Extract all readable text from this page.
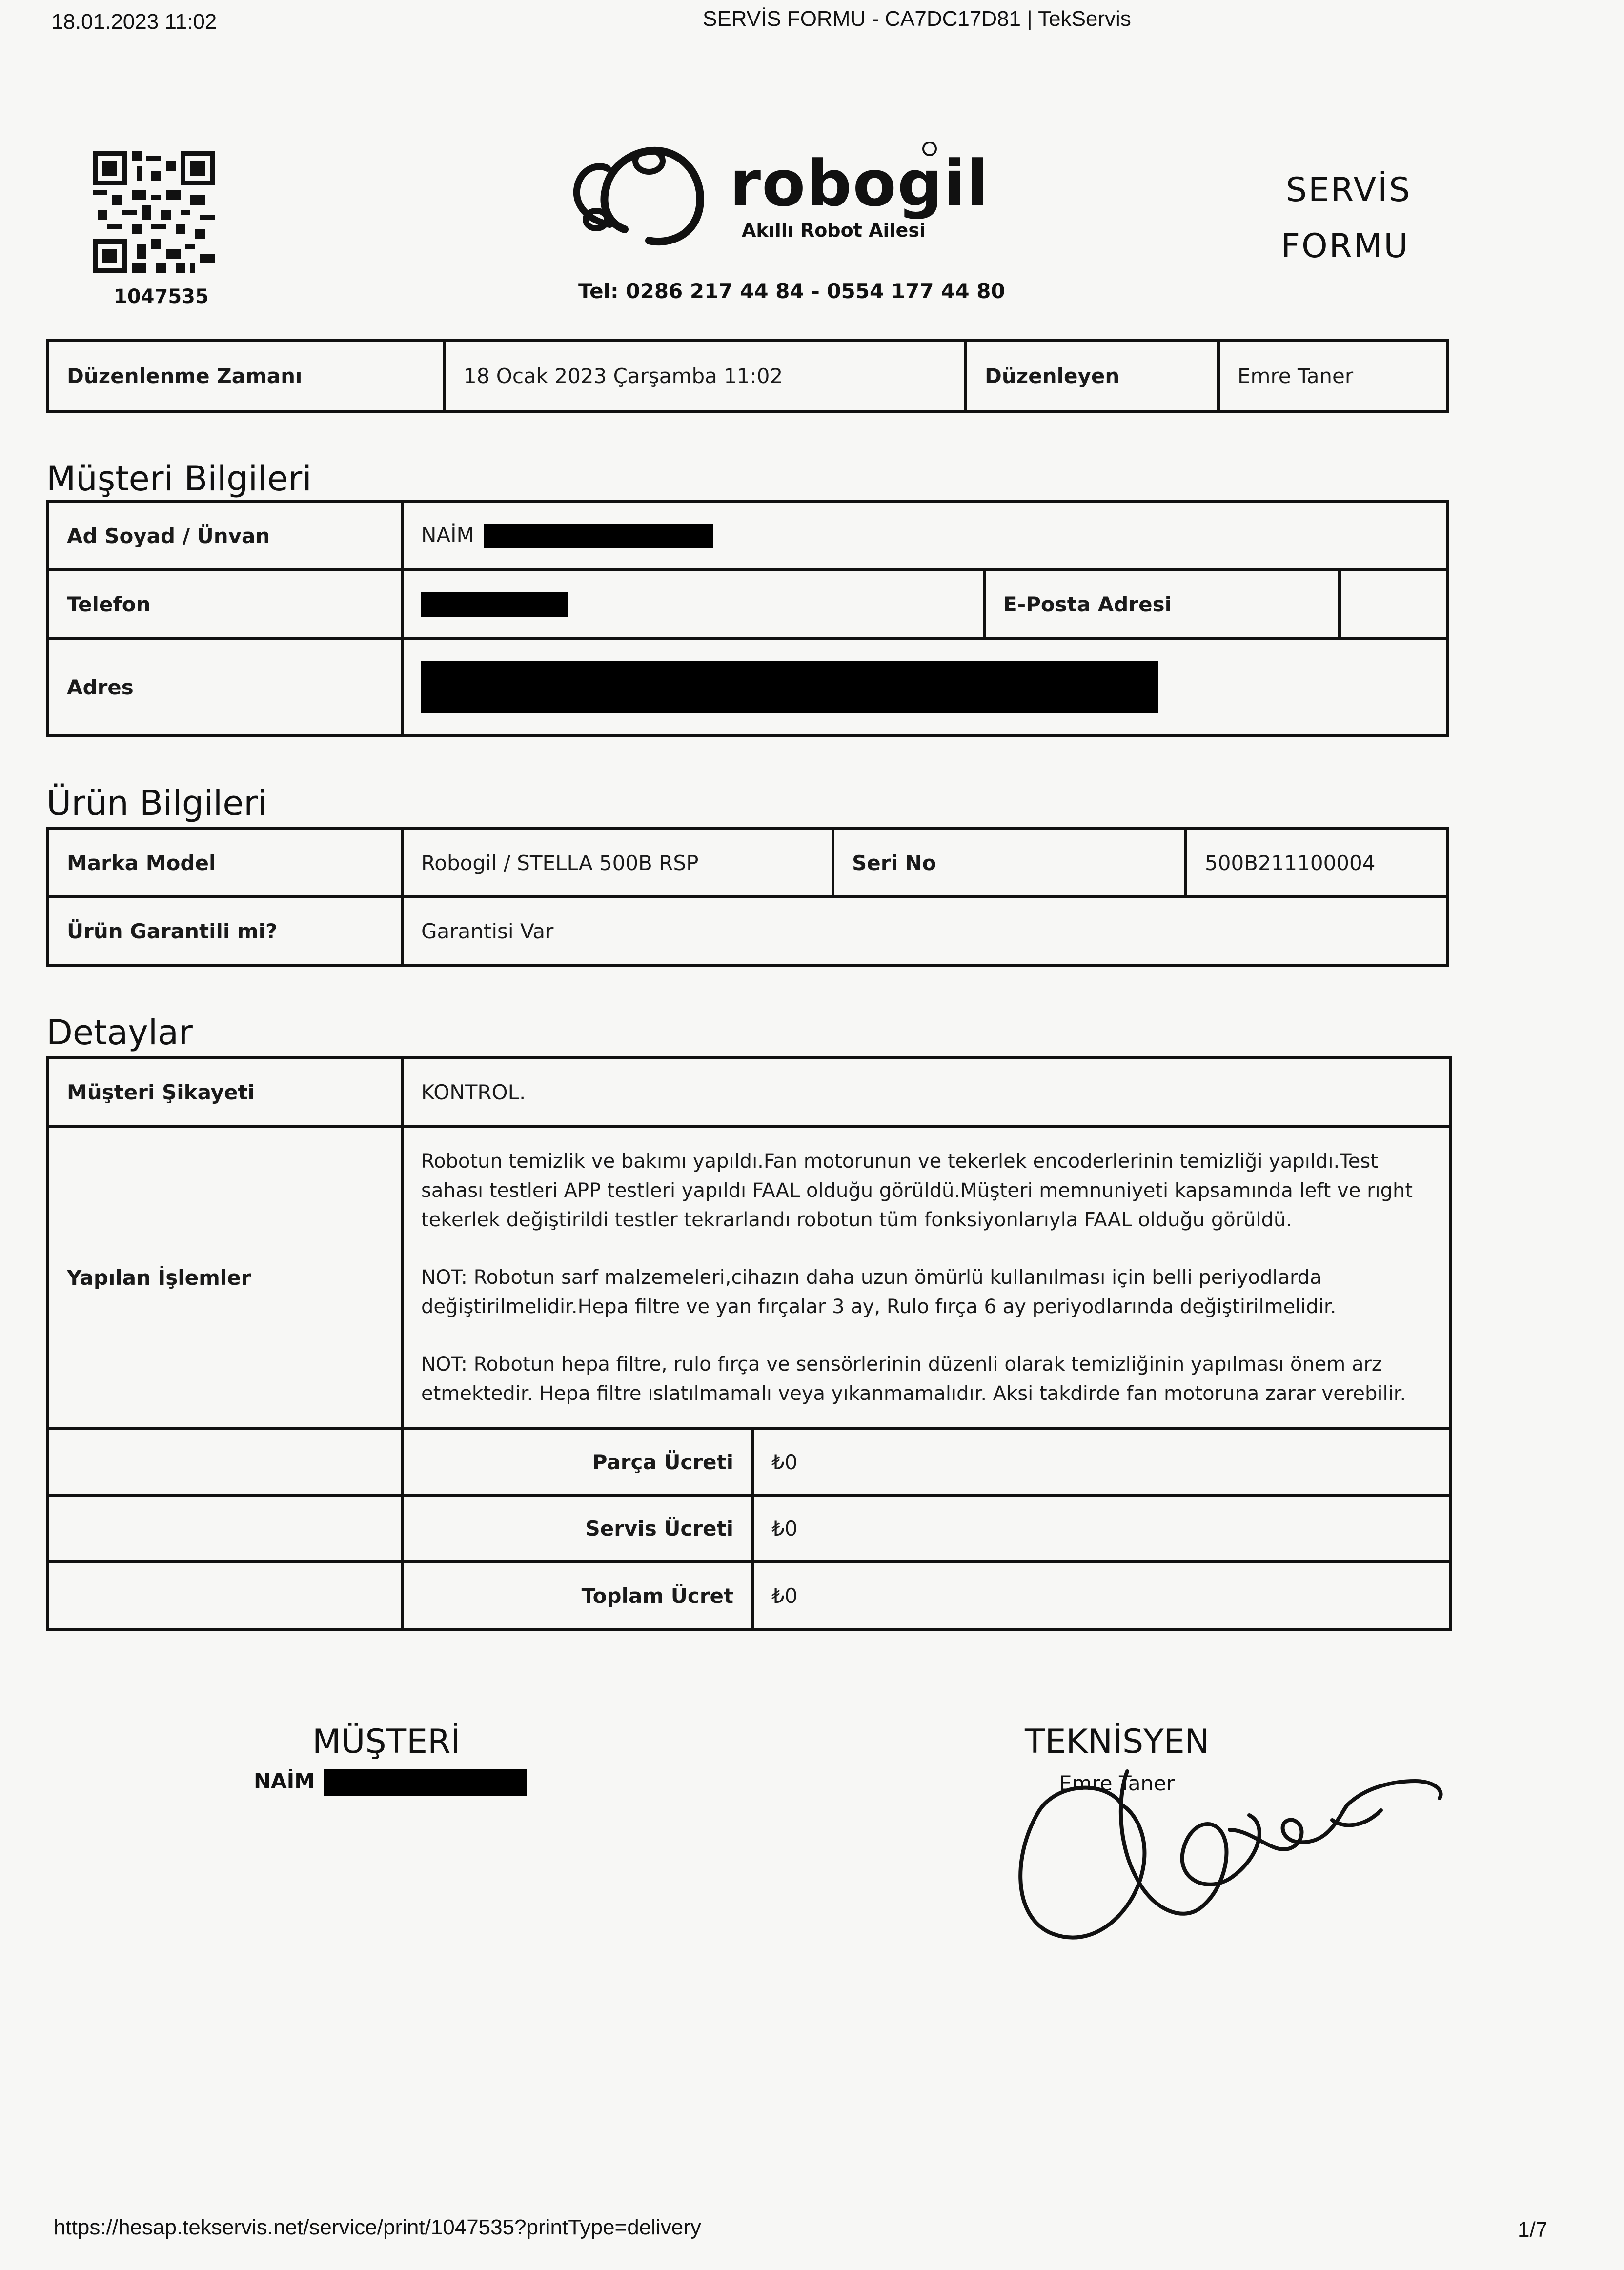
18.01.2023 11:02	SERVİS FORMU - CA7DC17D81 | TekServis
1047535
robogil
Akıllı Robot Ailesi
Tel: 0286 217 44 84 - 0554 177 44 80
SERVİS
FORMU
Düzenlenme Zamanı	18 Ocak 2023 Çarşamba 11:02	Düzenleyen	Emre Taner
Müşteri Bilgileri
Ad Soyad / Ünvan	NAİM		
Telefon		E-Posta Adresi	
Adres			
Ürün Bilgileri
Marka Model	Robogil / STELLA 500B RSP	Seri No	500B211100004
Ürün Garantili mi?	Garantisi Var		
Detaylar
Müşteri Şikayeti	KONTROL.	
Yapılan İşlemler	Robotun temizlik ve bakımı yapıldı.Fan motorunun ve tekerlek encoderlerinin temizliği yapıldı.Test sahası testleri APP testleri yapıldı FAAL olduğu görüldü.Müşteri memnuniyeti kapsamında left ve rıght tekerlek değiştirildi testler tekrarlandı robotun tüm fonksiyonlarıyla FAAL olduğu görüldü.

NOT: Robotun sarf malzemeleri,cihazın daha uzun ömürlü kullanılması için belli periyodlarda değiştirilmelidir.Hepa filtre ve yan fırçalar 3 ay, Rulo fırça 6 ay periyodlarında değiştirilmelidir.

NOT: Robotun hepa filtre, rulo fırça ve sensörlerinin düzenli olarak temizliğinin yapılması önem arz etmektedir. Hepa filtre ıslatılmamalı veya yıkanmamalıdır. Aksi takdirde fan motoruna zarar verebilir.	

	Parça Ücreti	₺0
	Servis Ücreti	₺0
	Toplam Ücret	₺0
MÜŞTERİ
NAİM
TEKNİSYEN
Emre Taner
https://hesap.tekservis.net/service/print/1047535?printType=delivery	1/7
